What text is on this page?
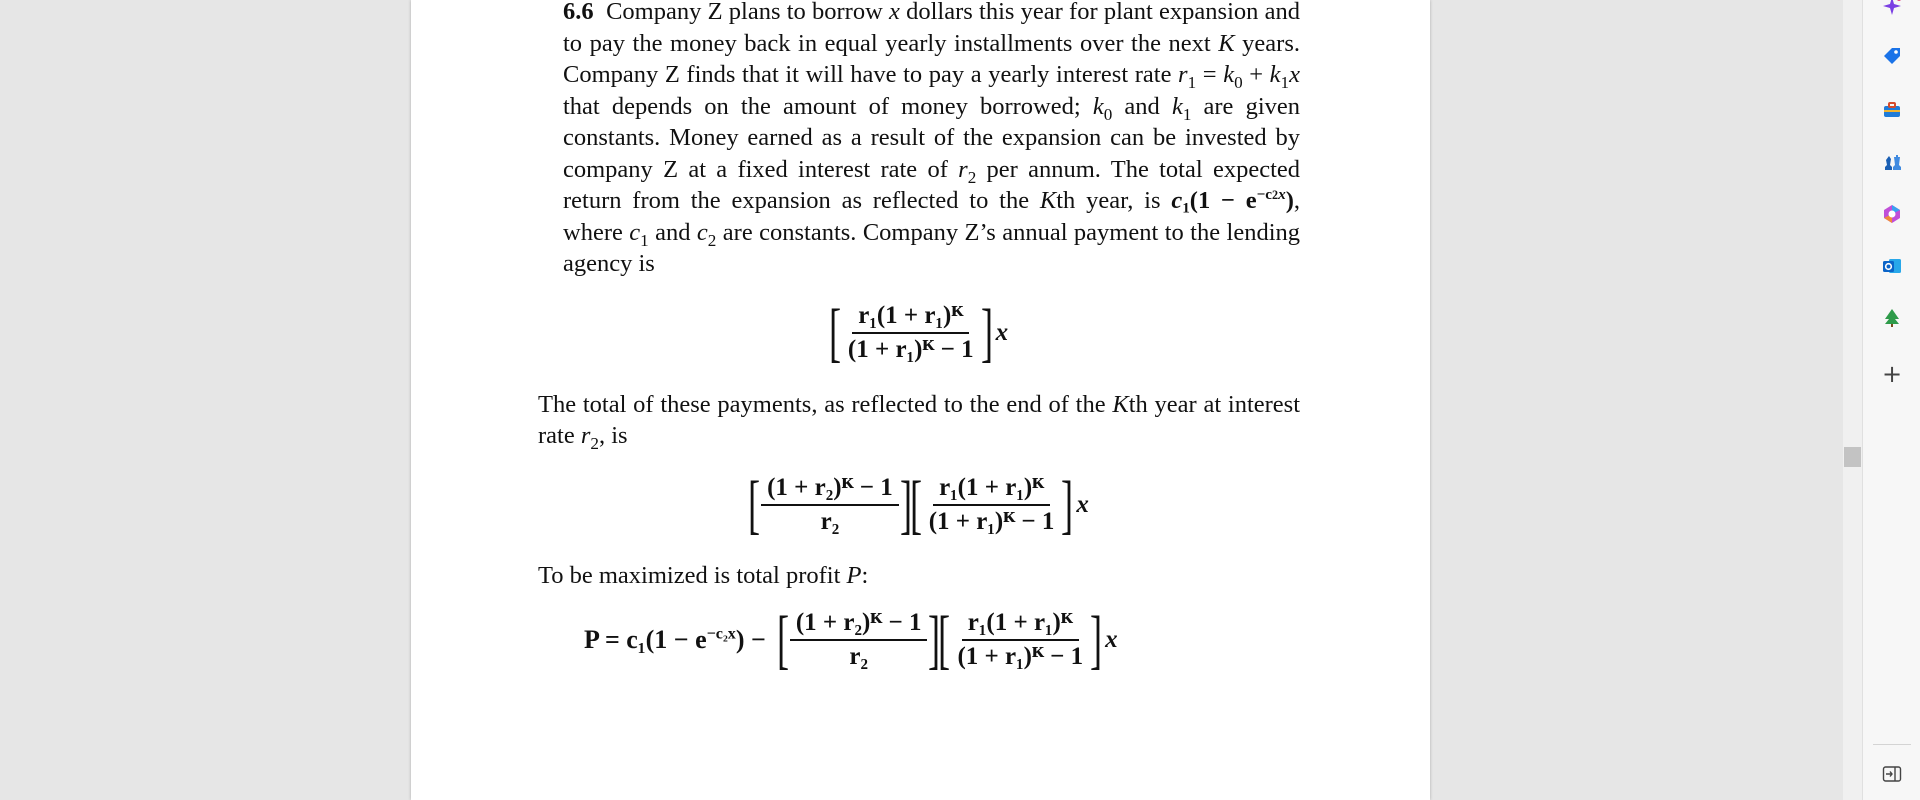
6.6 Company Z plans to borrow x dollars this year for plant expansion and to pay the money back in equal yearly installments over the next K years. Company Z finds that it will have to pay a yearly interest rate $r_1 = k_0 + k_1x$ that depends on the amount of money borrowed; $k_0$ and $k_1$ are given constants. Money earned as a result of the expansion can be invested by company Z at a fixed interest rate of $r_2$ per annum. The total expected return from the expansion as reflected to the Kth year, is $c1(1 - e^{-c2x})$, where $c_1$ and $c_2$ are constants. Company Z’s annual payment to the lending agency is

[ $\frac{\text{r₁(1 + r₁)ᴷ}}{\text{(1 + r₁)ᴷ − 1}}$ ] x

The total of these payments, as reflected to the end of the Kth year at interest rate $r_2$, is

[ $\frac{\text{(1 + r₂)ᴷ − 1}}{\text{r₂}}$ ]
[ $\frac{\text{r₁(1 + r₁)ᴷ}}{\text{(1 + r₁)ᴷ − 1}}$ ] x

To be maximized is total profit P:

$P = c_1(1 - e^{-c_2x})$ − [ $\frac{\text{(1 + r₂)ᴷ − 1}}{\text{r₂}}$ ]
[ $\frac{\text{r₁(1 + r₁)ᴷ}}{\text{(1 + r₁)ᴷ − 1}}$ ] x
+
